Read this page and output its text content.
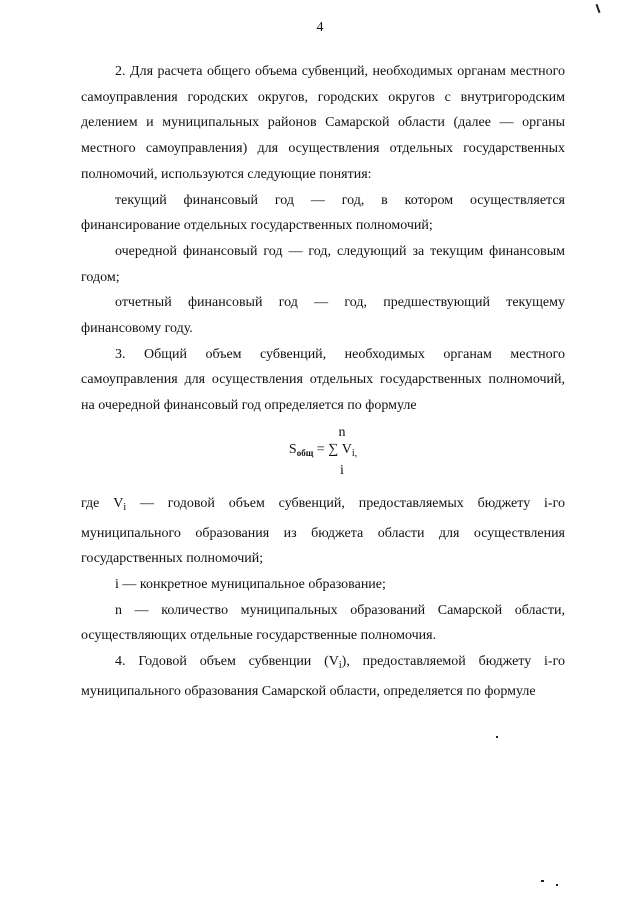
4

2. Для расчета общего объема субвенций, необходимых органам местного самоуправления городских округов, городских округов с внутригородским делением и муниципальных районов Самарской области (далее — органы местного самоуправления) для осуществления отдельных государственных полномочий, используются следующие понятия:

текущий финансовый год — год, в котором осуществляется финансирование отдельных государственных полномочий;

очередной финансовый год — год, следующий за текущим финансовым годом;

отчетный финансовый год — год, предшествующий текущему финансовому году.

3. Общий объем субвенций, необходимых органам местного самоуправления для осуществления отдельных государственных полномочий, на очередной финансовый год определяется по формуле

n
$S_{общ}$ = ∑ $V_{i,}$
i

где $V_i$ — годовой объем субвенций, предоставляемых бюджету i-го муниципального образования из бюджета области для осуществления государственных полномочий;

i — конкретное муниципальное образование;

n — количество муниципальных образований Самарской области, осуществляющих отдельные государственные полномочия.

4. Годовой объем субвенции $(V_i)$, предоставляемой бюджету i-го муниципального образования Самарской области, определяется по формуле
